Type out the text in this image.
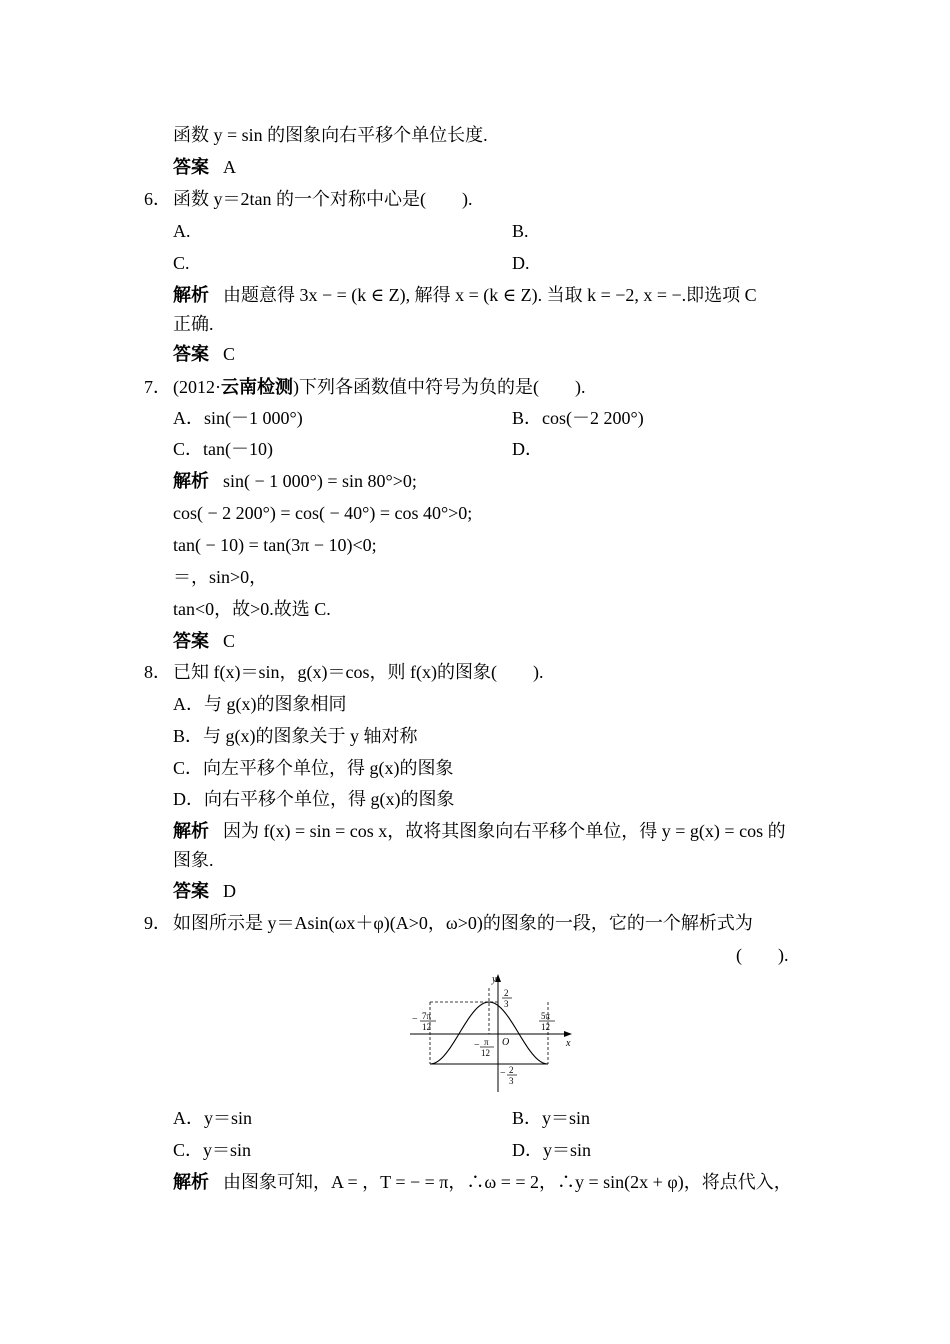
函数 y = sin 的图象向右平移个单位长度.
答案 A
6． 函数 y＝2tan 的一个对称中心是(　　).
A.	B.
C.	D.
解析 由题意得 3x − = (k ∈ Z), 解得 x = (k ∈ Z). 当取 k = −2, x = −.即选项 C
正确.
答案 C
7． (2012·云南检测)下列各函数值中符号为负的是(　　).
A．sin(－1 000°)	B．cos(－2 200°)
C．tan(－10)	D．
解析 sin( − 1 000°) = sin 80°>0;
cos( − 2 200°) = cos( − 40°) = cos 40°>0;
tan( − 10) = tan(3π − 10)<0;
＝，sin>0，
tan<0，故>0.故选 C.
答案 C
8． 已知 f(x)＝sin，g(x)＝cos，则 f(x)的图象(　　).
A．与 g(x)的图象相同
B．与 g(x)的图象关于 y 轴对称
C．向左平移个单位，得 g(x)的图象
D．向右平移个单位，得 g(x)的图象
解析 因为 f(x) = sin = cos x，故将其图象向右平移个单位，得 y = g(x) = cos 的
图象.
答案 D
9． 如图所示是 y＝Asin(ωx＋φ)(A>0，ω>0)的图象的一段，它的一个解析式为
(　　).
y
x
O
− 7π
12
− π
12
5π
12
2
3
− 2
3
A．y＝sin	B．y＝sin
C．y＝sin	D．y＝sin
解析 由图象可知，A = ，T = − = π，∴ω = = 2，∴y = sin(2x + φ)，将点代入，
